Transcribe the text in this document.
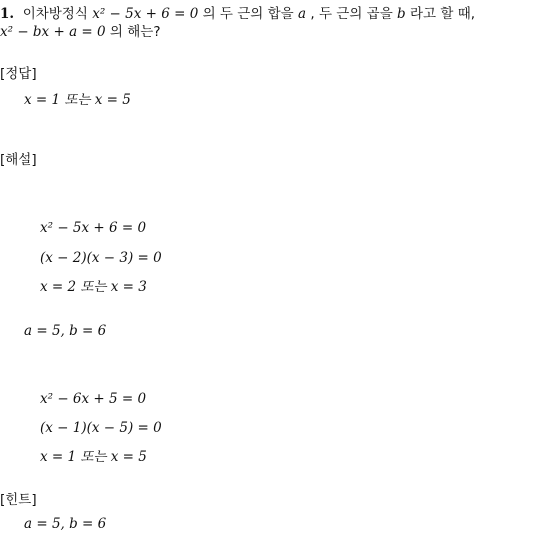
1. 이차방정식 x² − 5x + 6 = 0 의 두 근의 합을 a , 두 근의 곱을 b 라고 할 때,
x² − bx + a = 0 의 해는?
[정답]
x = 1 또는 x = 5
[해설]
x² − 5x + 6 = 0
(x − 2)(x − 3) = 0
x = 2 또는 x = 3
a = 5, b = 6
x² − 6x + 5 = 0
(x − 1)(x − 5) = 0
x = 1 또는 x = 5
[힌트]
a = 5, b = 6
